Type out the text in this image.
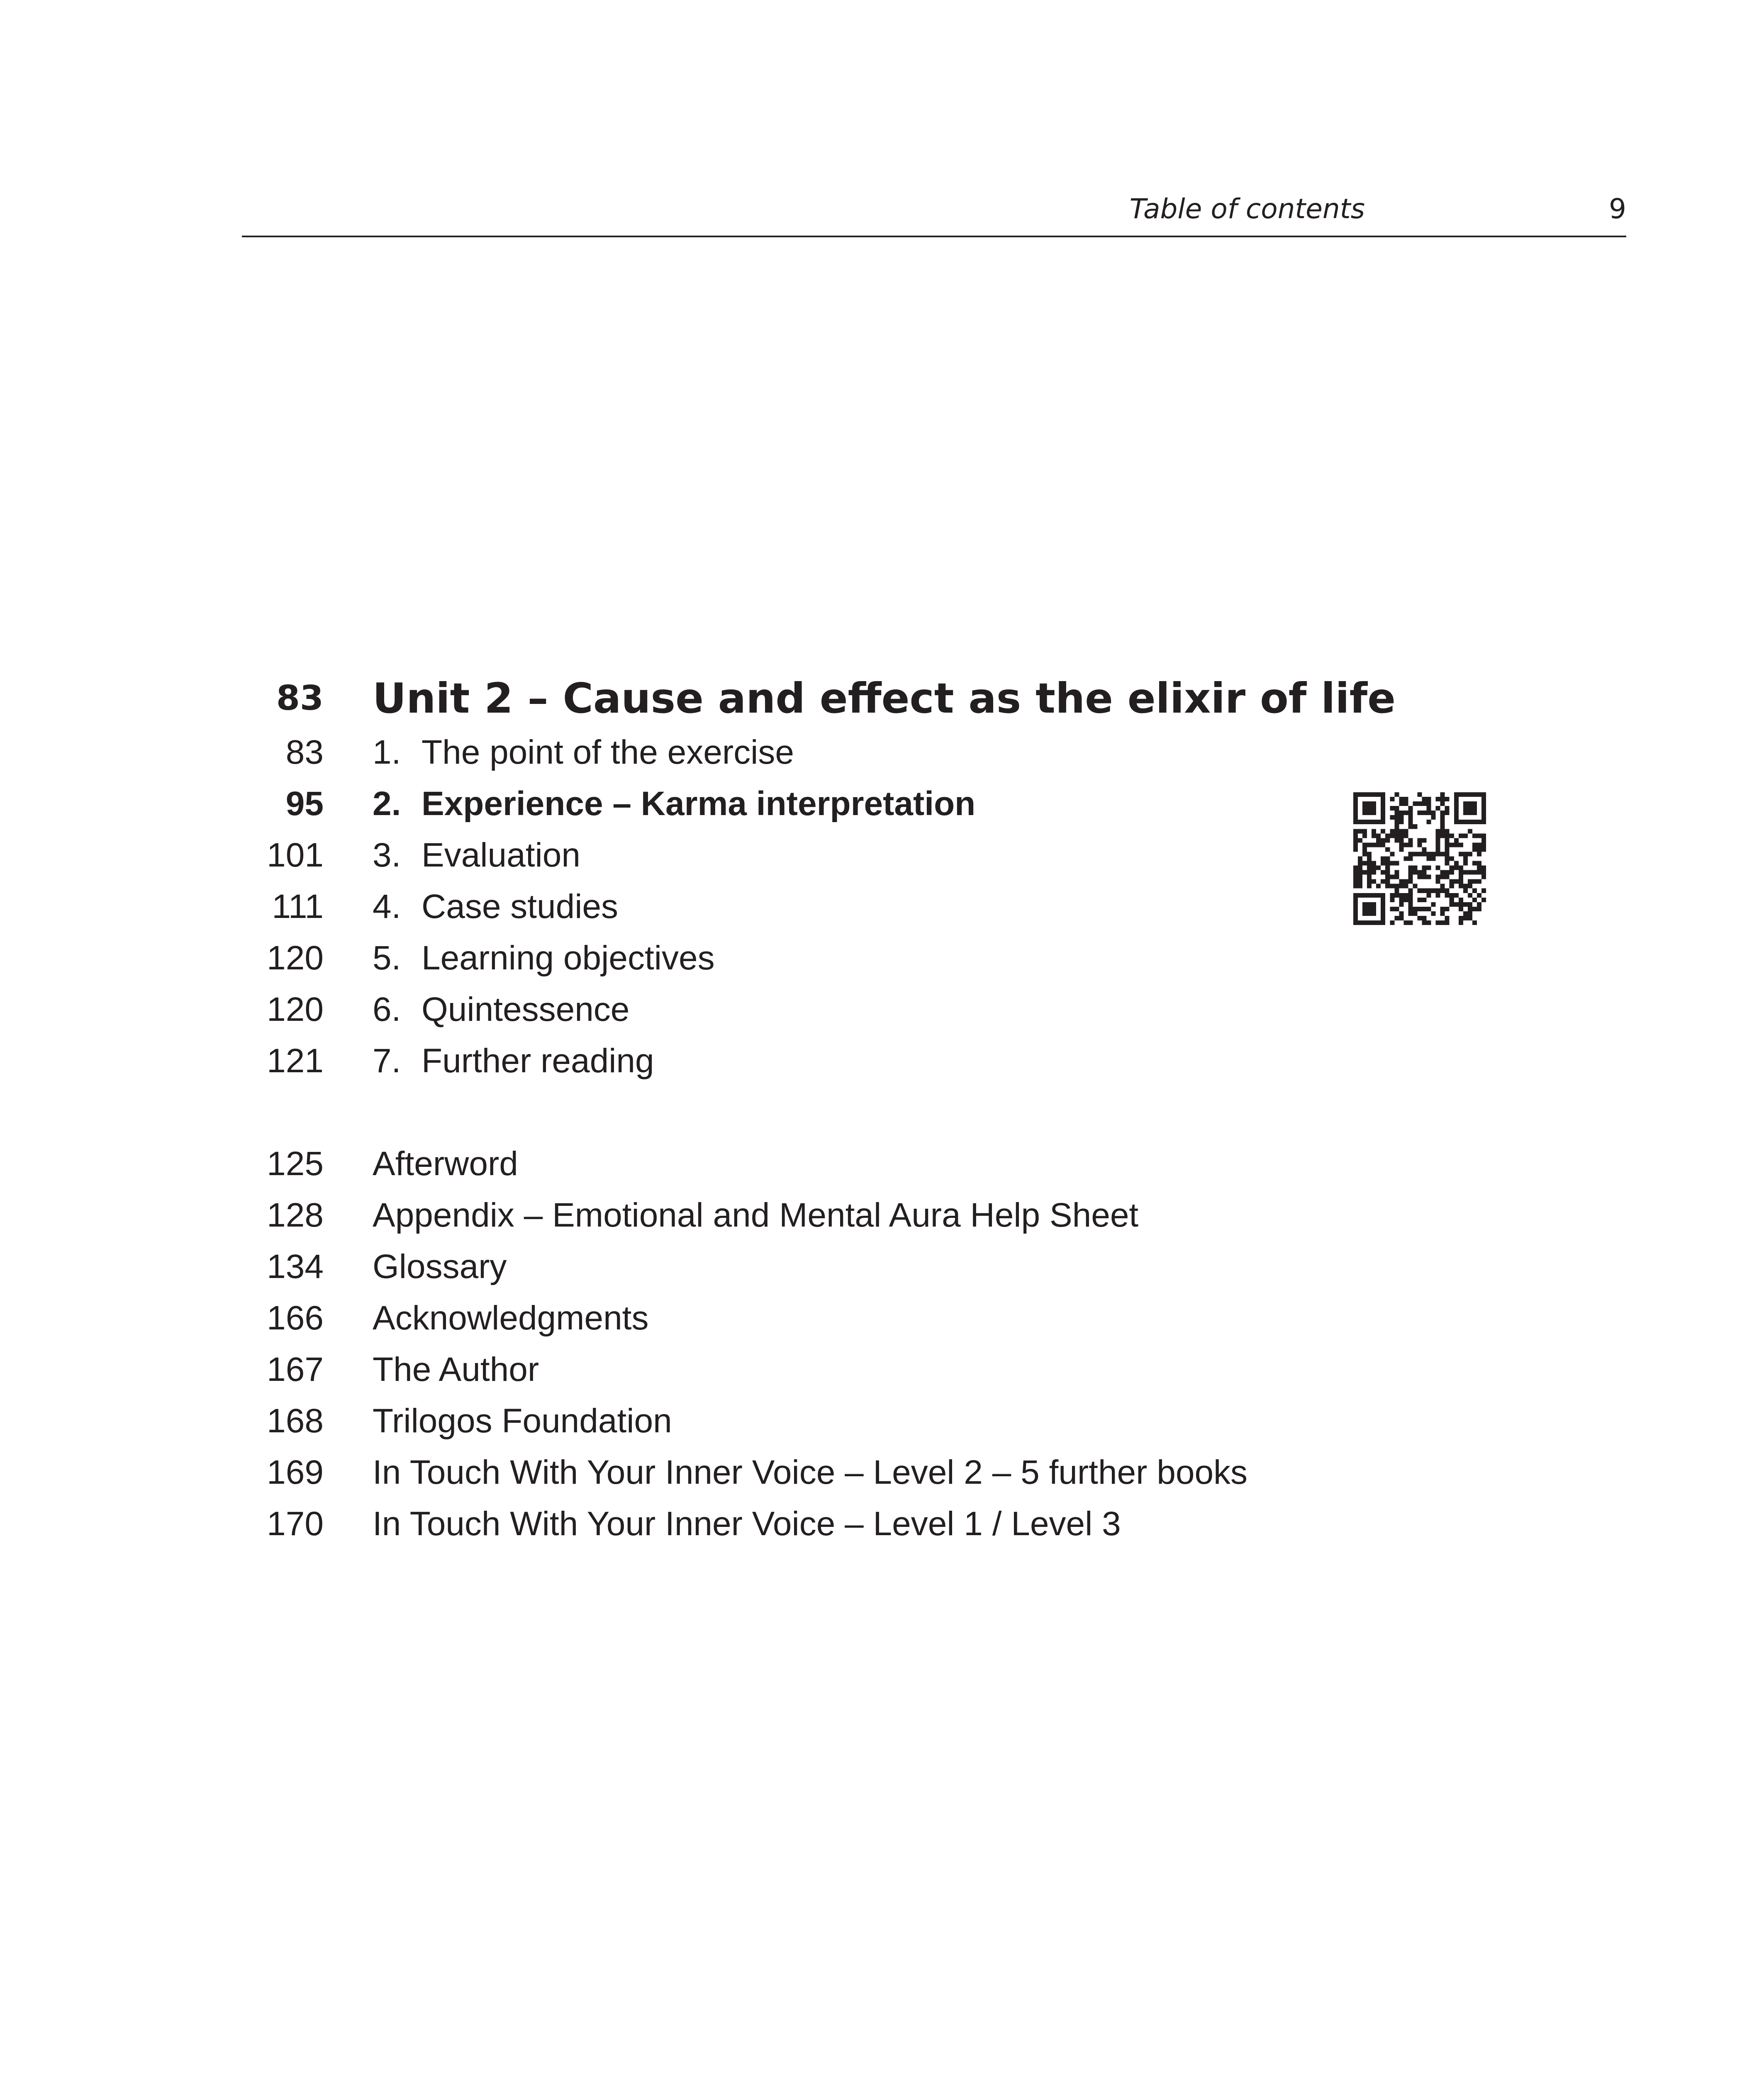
Table of contents	9
83 Unit 2 – Cause and effect as the elixir of life
83 1. The point of the exercise
95 2. Experience – Karma interpretation
101 3. Evaluation
111 4. Case studies
120 5. Learning objectives
120 6. Quintessence
121 7. Further reading
125 Afterword
128 Appendix – Emotional and Mental Aura Help Sheet
134 Glossary
166 Acknowledgments
167 The Author
168 Trilogos Foundation
169 In Touch With Your Inner Voice – Level 2 – 5 further books
170 In Touch With Your Inner Voice – Level 1 / Level 3
